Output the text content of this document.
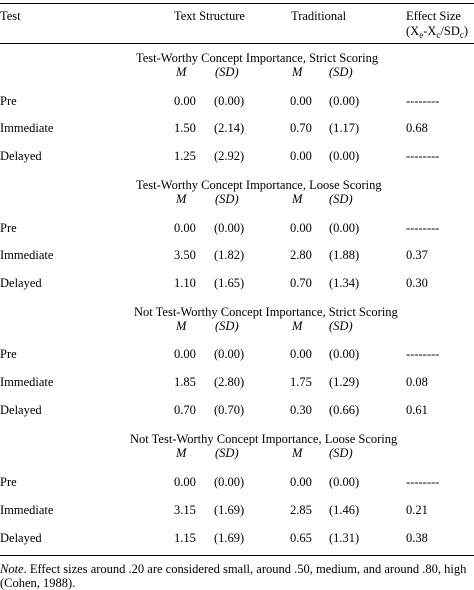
Test	Text Structure	Traditional	Effect Size
$(X_e-X_c/SD_c)$
Test-Worthy Concept Importance, Strict Scoring
M (SD)	M (SD)
Pre	0.00 (0.00)	0.00 (0.00)	--------
Immediate	1.50 (2.14)	0.70 (1.17)	0.68
Delayed	1.25 (2.92)	0.00 (0.00)	--------
Test-Worthy Concept Importance, Loose Scoring
M (SD)	M (SD)
Pre	0.00 (0.00)	0.00 (0.00)	--------
Immediate	3.50 (1.82)	2.80 (1.88)	0.37
Delayed	1.10 (1.65)	0.70 (1.34)	0.30
Not Test-Worthy Concept Importance, Strict Scoring
M (SD)	M (SD)
Pre	0.00 (0.00)	0.00 (0.00)	--------
Immediate	1.85 (2.80)	1.75 (1.29)	0.08
Delayed	0.70 (0.70)	0.30 (0.66)	0.61
Not Test-Worthy Concept Importance, Loose Scoring
M (SD)	M (SD)
Pre	0.00 (0.00)	0.00 (0.00)	--------
Immediate	3.15 (1.69)	2.85 (1.46)	0.21
Delayed	1.15 (1.69)	0.65 (1.31)	0.38
Note. Effect sizes around .20 are considered small, around .50, medium, and around .80, high (Cohen, 1988).
